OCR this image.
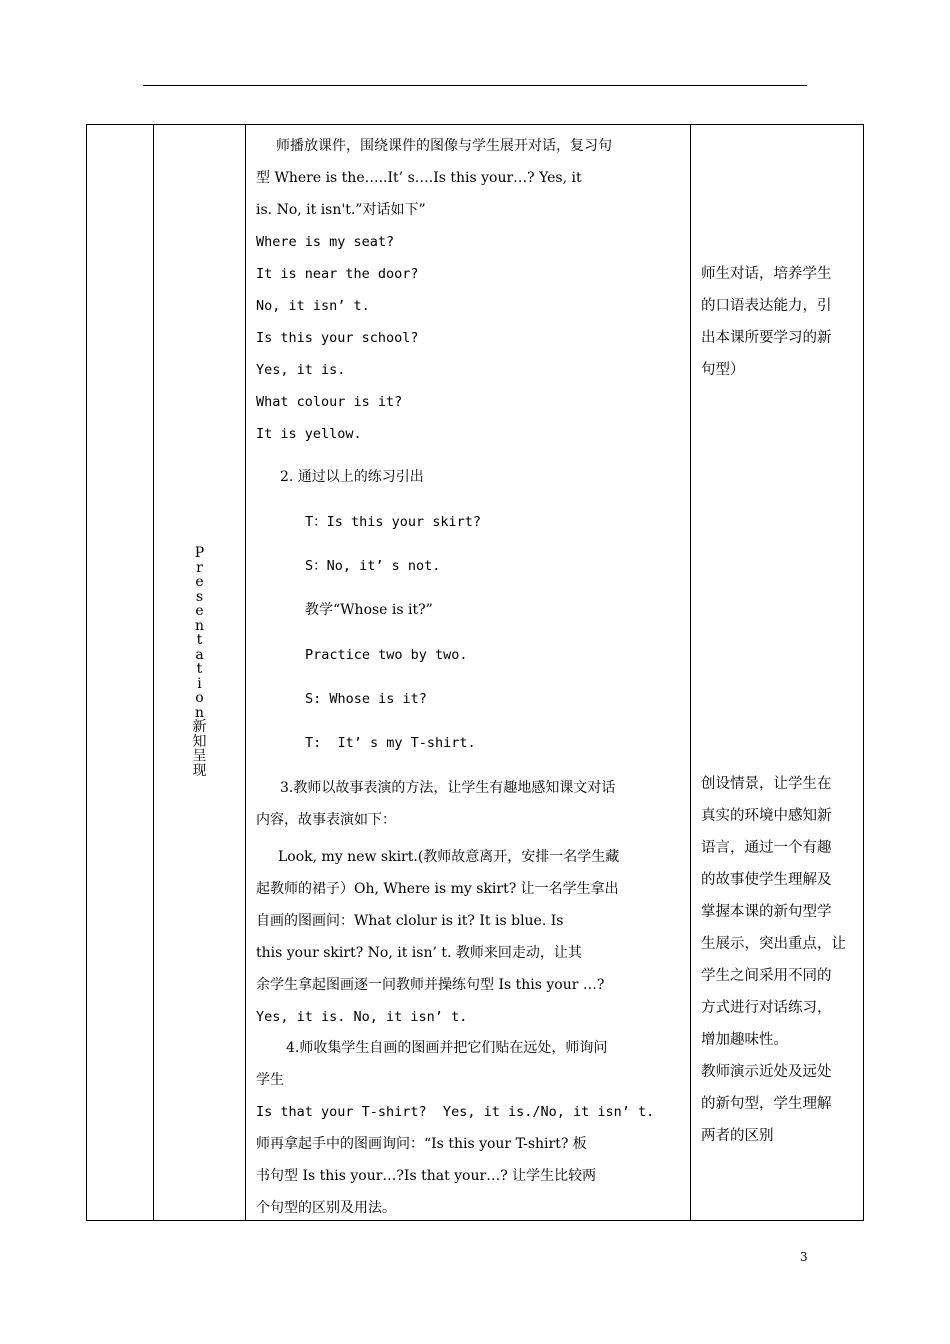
P
r
e
s
e
n
t
a
t
i
o
n
新
知
呈
现

师播放课件，围绕课件的图像与学生展开对话，复习句
型 Where is the…..It’ s….Is this your…? Yes, it
is. No, it isn't.”对话如下”
Where is my seat?
It is near the door?
No, it isn’ t.
Is this your school?
Yes, it is.
What colour is it?
It is yellow.
2. 通过以上的练习引出
T：Is this your skirt?
S：No, it’ s not.
教学“Whose is it?”
Practice two by two.
S: Whose is it?
T:  It’ s my T-shirt.
3.教师以故事表演的方法，让学生有趣地感知课文对话
内容，故事表演如下：
Look, my new skirt.(教师故意离开，安排一名学生藏
起教师的裙子）Oh, Where is my skirt? 让一名学生拿出
自画的图画问：What clolur is it? It is blue. Is
this your skirt? No, it isn’ t. 教师来回走动，让其
余学生拿起图画逐一问教师并操练句型 Is this your …?
Yes, it is. No, it isn’ t.
4.师收集学生自画的图画并把它们贴在远处，师询问
学生
Is that your T-shirt?  Yes, it is./No, it isn’ t.
师再拿起手中的图画询问：“Is this your T-shirt? 板
书句型 Is this your…?Is that your…? 让学生比较两
个句型的区别及用法。

师生对话，培养学生
的口语表达能力，引
出本课所要学习的新
句型）
创设情景，让学生在
真实的环境中感知新
语言，通过一个有趣
的故事使学生理解及
掌握本课的新句型学
生展示，突出重点，让
学生之间采用不同的
方式进行对话练习，
增加趣味性。
教师演示近处及远处
的新句型，学生理解
两者的区别
3
